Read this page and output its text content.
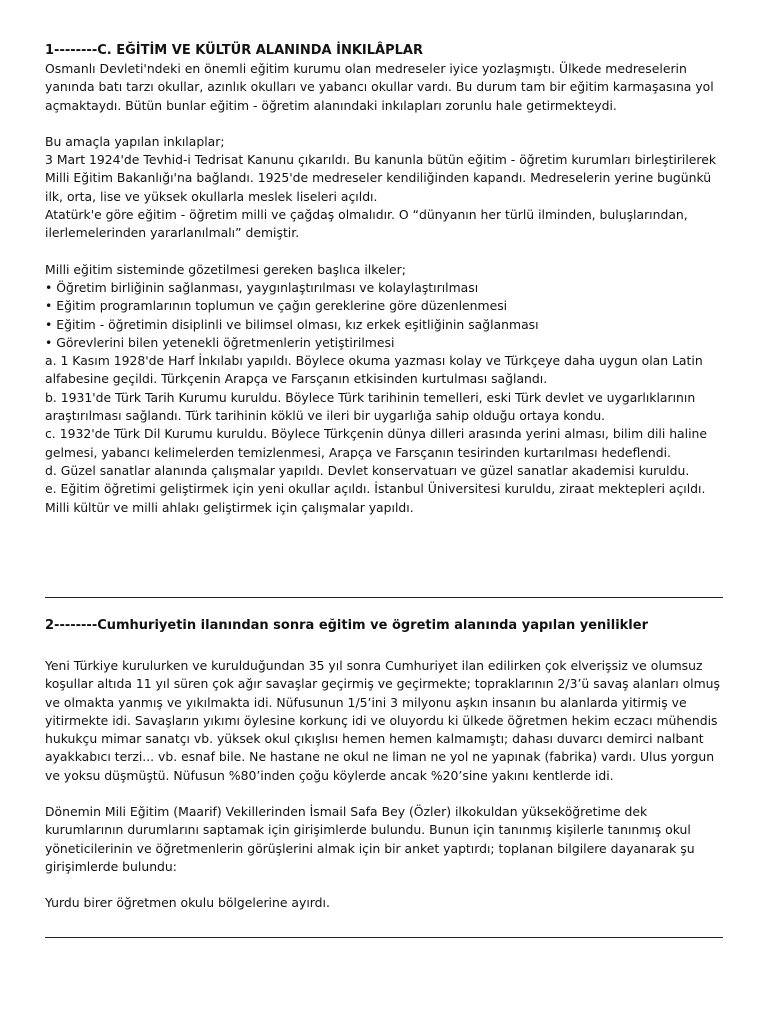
1--------C. EĞİTİM VE KÜLTÜR ALANINDA İNKILÂPLAR

Osmanlı Devleti'ndeki en önemli eğitim kurumu olan medreseler iyice yozlaşmıştı. Ülkede medreselerin yanında batı tarzı okullar, azınlık okulları ve yabancı okullar vardı. Bu durum tam bir eğitim karmaşasına yol açmaktaydı. Bütün bunlar eğitim - öğretim alanındaki inkılapları zorunlu hale getirmekteydi.

Bu amaçla yapılan inkılaplar;
3 Mart 1924'de Tevhid-i Tedrisat Kanunu çıkarıldı. Bu kanunla bütün eğitim - öğretim kurumları birleştirilerek Milli Eğitim Bakanlığı'na bağlandı. 1925'de medreseler kendiliğinden kapandı. Medreselerin yerine bugünkü ilk, orta, lise ve yüksek okullarla meslek liseleri açıldı.
Atatürk'e göre eğitim - öğretim milli ve çağdaş olmalıdır. O “dünyanın her türlü ilminden, buluşlarından, ilerlemelerinden yararlanılmalı” demiştir.

Milli eğitim sisteminde gözetilmesi gereken başlıca ilkeler;
• Öğretim birliğinin sağlanması, yaygınlaştırılması ve kolaylaştırılması
• Eğitim programlarının toplumun ve çağın gereklerine göre düzenlenmesi
• Eğitim - öğretimin disiplinli ve bilimsel olması, kız erkek eşitliğinin sağlanması
• Görevlerini bilen yetenekli öğretmenlerin yetiştirilmesi

a. 1 Kasım 1928'de Harf İnkılabı yapıldı. Böylece okuma yazması kolay ve Türkçeye daha uygun olan Latin alfabesine geçildi. Türkçenin Arapça ve Farsçanın etkisinden kurtulması sağlandı.
b. 1931'de Türk Tarih Kurumu kuruldu. Böylece Türk tarihinin temelleri, eski Türk devlet ve uygarlıklarının araştırılması sağlandı. Türk tarihinin köklü ve ileri bir uygarlığa sahip olduğu ortaya kondu.
c. 1932'de Türk Dil Kurumu kuruldu. Böylece Türkçenin dünya dilleri arasında yerini alması, bilim dili haline gelmesi, yabancı kelimelerden temizlenmesi, Arapça ve Farsçanın tesirinden kurtarılması hedeflendi.
d. Güzel sanatlar alanında çalışmalar yapıldı. Devlet konservatuarı ve güzel sanatlar akademisi kuruldu.
e. Eğitim öğretimi geliştirmek için yeni okullar açıldı. İstanbul Üniversitesi kuruldu, ziraat mektepleri açıldı. Milli kültür ve milli ahlakı geliştirmek için çalışmalar yapıldı.

2--------Cumhuriyetin ilanından sonra eğitim ve ögretim alanında yapılan yenilikler

Yeni Türkiye kurulurken ve kurulduğundan 35 yıl sonra Cumhuriyet ilan edilirken çok elverişsiz ve olumsuz koşullar altıda 11 yıl süren çok ağır savaşlar geçirmiş ve geçirmekte; topraklarının 2/3’ü savaş alanları olmuş ve olmakta yanmış ve yıkılmakta idi. Nüfusunun 1/5’ini 3 milyonu aşkın insanın bu alanlarda yitirmiş ve yitirmekte idi. Savaşların yıkımı öylesine korkunç idi ve oluyordu ki ülkede öğretmen hekim eczacı mühendis hukukçu mimar sanatçı vb. yüksek okul çıkışlısı hemen hemen kalmamıştı; dahası duvarcı demirci nalbant ayakkabıcı terzi... vb. esnaf bile. Ne hastane ne okul ne liman ne yol ne yapınak (fabrika) vardı. Ulus yorgun ve yoksu düşmüştü. Nüfusun %80’inden çoğu köylerde ancak %20’sine yakını kentlerde idi.

Dönemin Mili Eğitim (Maarif) Vekillerinden İsmail Safa Bey (Özler) ilkokuldan yükseköğretime dek kurumlarının durumlarını saptamak için girişimlerde bulundu. Bunun için tanınmış kişilerle tanınmış okul yöneticilerinin ve öğretmenlerin görüşlerini almak için bir anket yaptırdı; toplanan bilgilere dayanarak şu girişimlerde bulundu:

Yurdu birer öğretmen okulu bölgelerine ayırdı.
